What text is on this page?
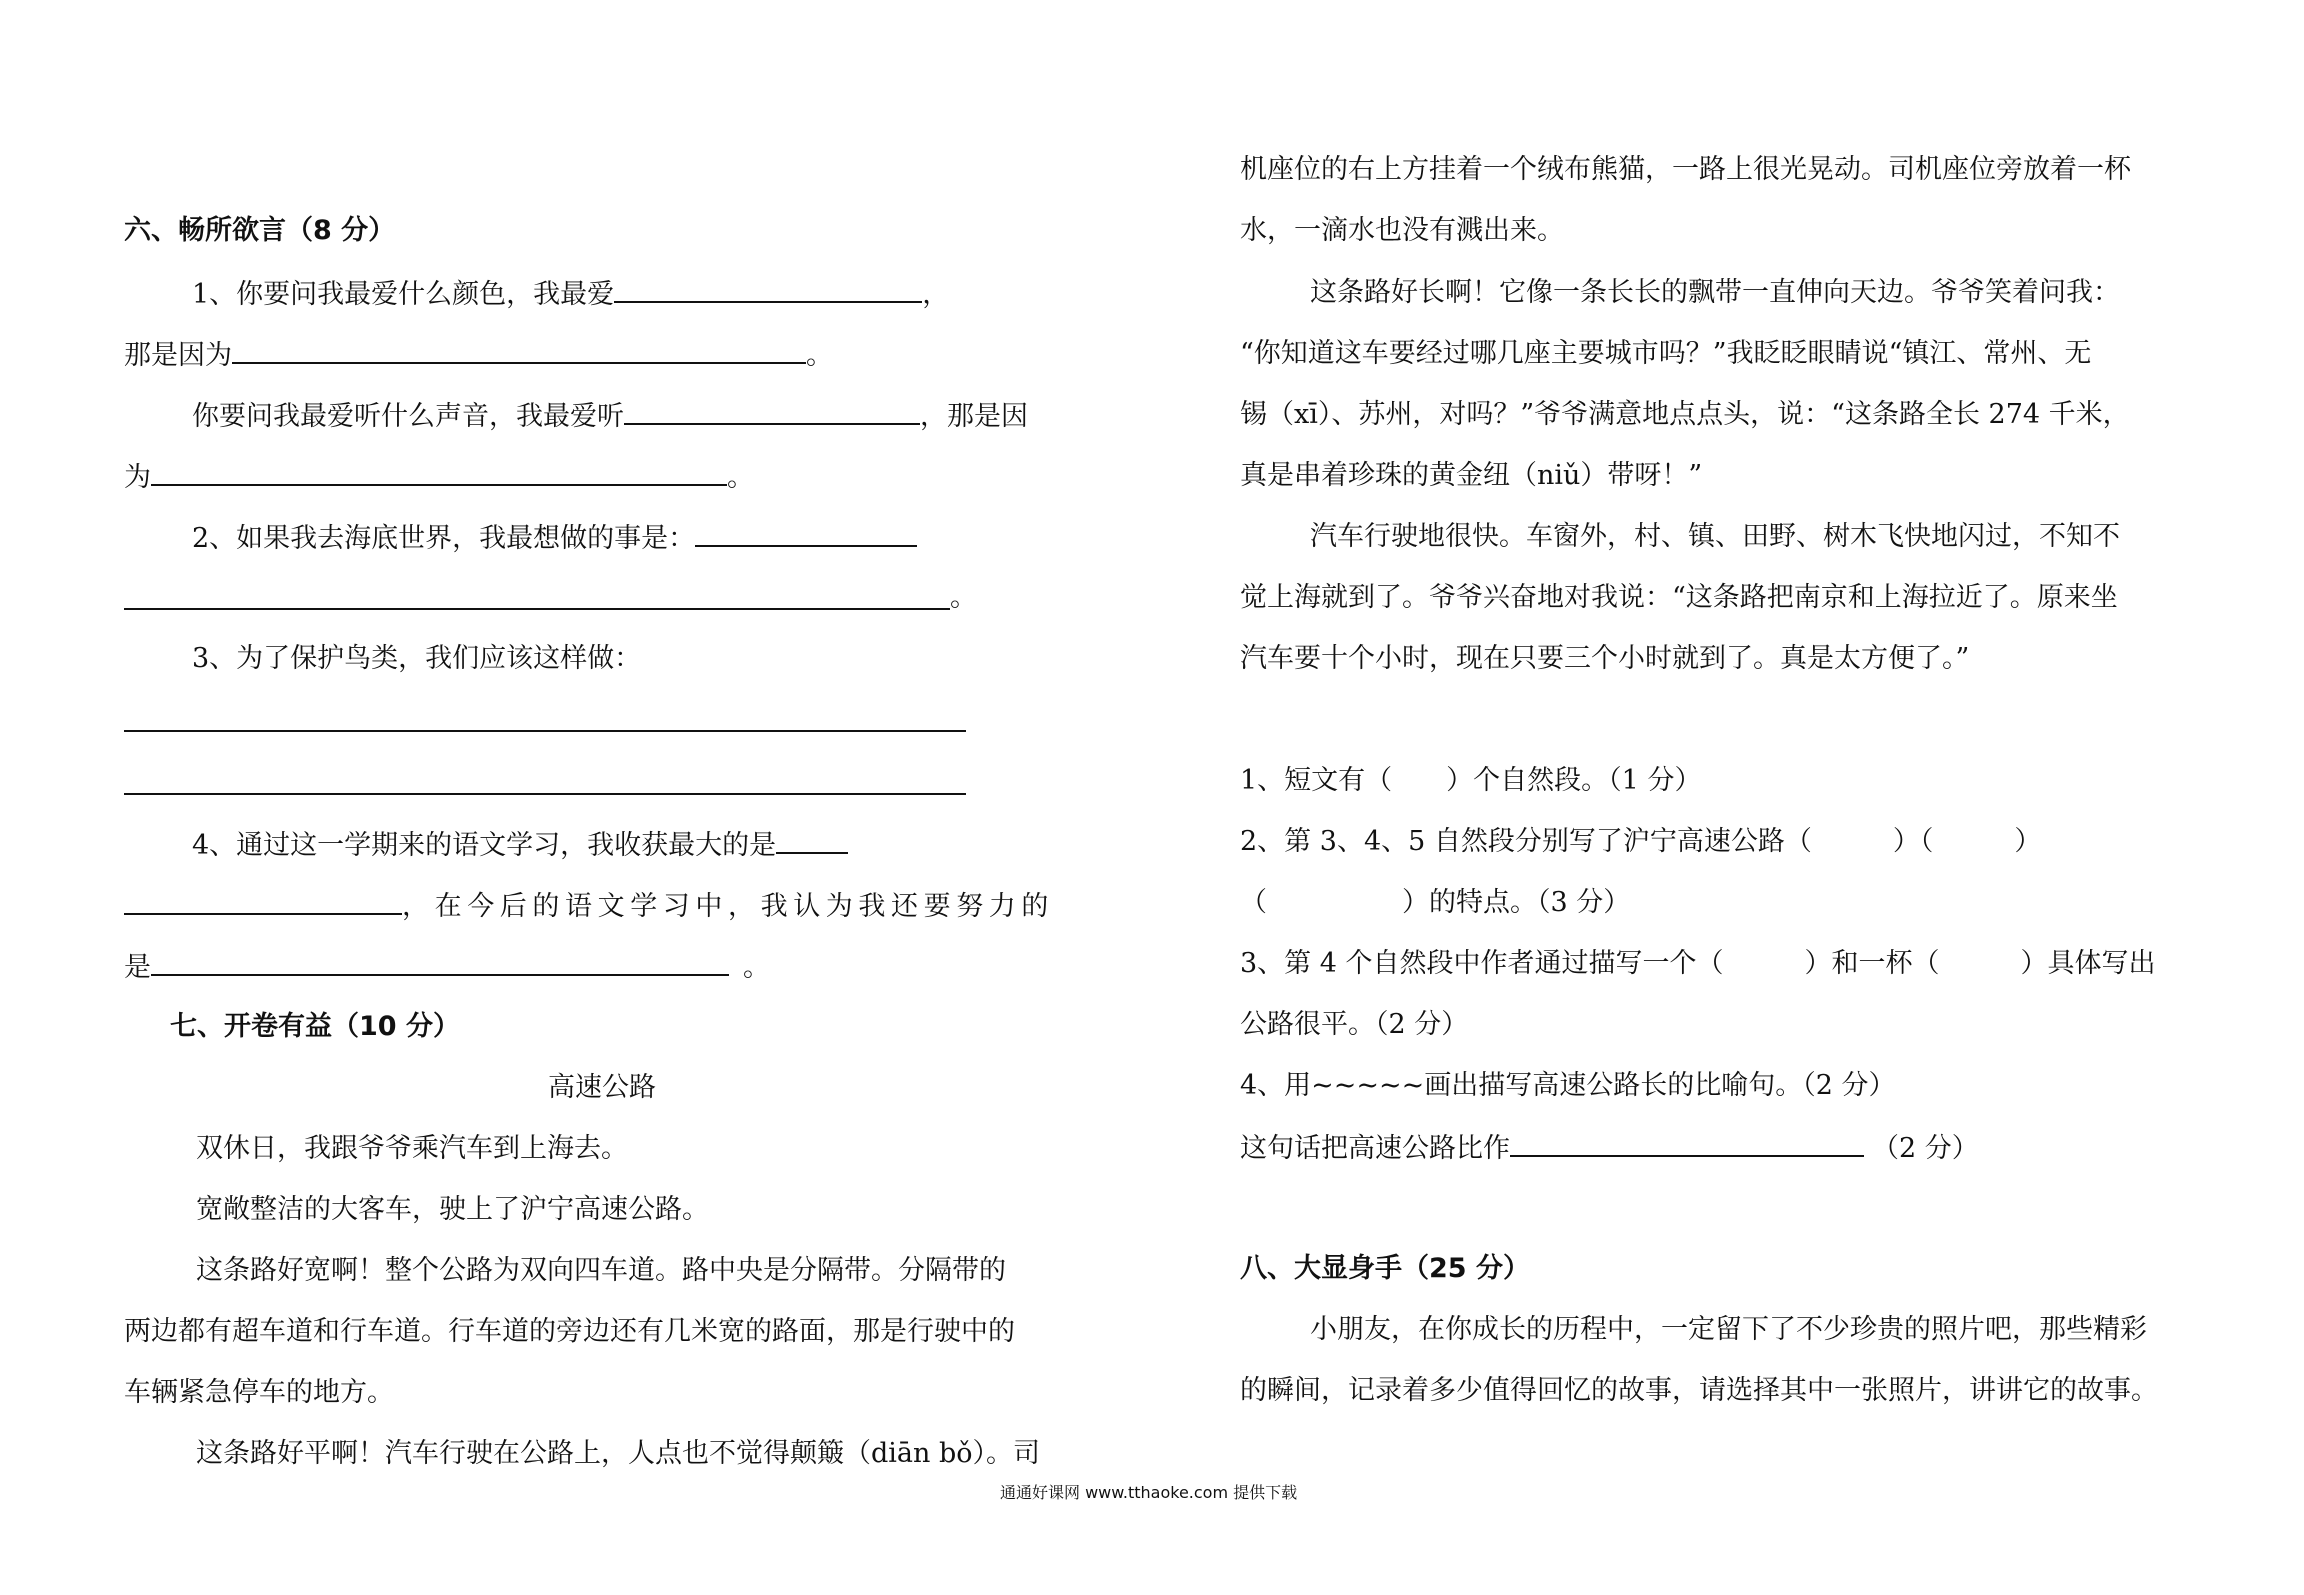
六、畅所欲言（8 分）
1、你要问我最爱什么颜色，我最爱	，
那是因为	。
你要问我最爱听什么声音，我最爱听	，那是因
为	。
2、如果我去海底世界，我最想做的事是：
。
3、为了保护鸟类，我们应该这样做：
4、通过这一学期来的语文学习，我收获最大的是
，在今后的语文学习中，我认为我还要努力的
是	。
七、开卷有益（10 分）
高速公路
双休日，我跟爷爷乘汽车到上海去。
宽敞整洁的大客车，驶上了沪宁高速公路。
这条路好宽啊！整个公路为双向四车道。路中央是分隔带。分隔带的
两边都有超车道和行车道。行车道的旁边还有几米宽的路面，那是行驶中的
车辆紧急停车的地方。
这条路好平啊！汽车行驶在公路上，人点也不觉得颠簸（diān bǒ）。司
机座位的右上方挂着一个绒布熊猫，一路上很光晃动。司机座位旁放着一杯
水，一滴水也没有溅出来。
这条路好长啊！它像一条长长的飘带一直伸向天边。爷爷笑着问我：
“你知道这车要经过哪几座主要城市吗？”我眨眨眼睛说“镇江、常州、无
锡（xī）、苏州，对吗？”爷爷满意地点点头，说：“这条路全长 274 千米，
真是串着珍珠的黄金纽（niǔ）带呀！”
汽车行驶地很快。车窗外，村、镇、田野、树木飞快地闪过，不知不
觉上海就到了。爷爷兴奋地对我说：“这条路把南京和上海拉近了。原来坐
汽车要十个小时，现在只要三个小时就到了。真是太方便了。”
1、短文有（　　）个自然段。（1 分）
2、第 3、4、5 自然段分别写了沪宁高速公路（　　　）（　　　）
（　　　　　）的特点。（3 分）
3、第 4 个自然段中作者通过描写一个（　　　）和一杯（　　　）具体写出
公路很平。（2 分）
4、用~~~~~画出描写高速公路长的比喻句。（2 分）
这句话把高速公路比作	（2 分）
八、大显身手（25 分）
小朋友，在你成长的历程中，一定留下了不少珍贵的照片吧，那些精彩
的瞬间，记录着多少值得回忆的故事，请选择其中一张照片，讲讲它的故事。
通通好课网 www.tthaoke.com 提供下载
